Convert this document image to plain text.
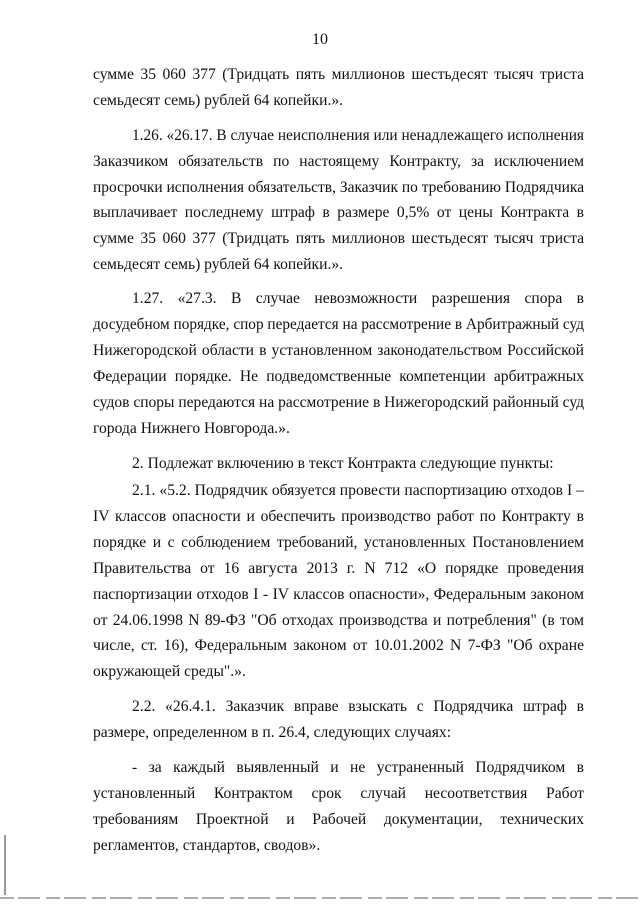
10
сумме 35 060 377 (Тридцать пять миллионов шестьдесят тысяч триста
семьдесят семь) рублей 64 копейки.».
1.26. «26.17. В случае неисполнения или ненадлежащего исполнения
Заказчиком обязательств по настоящему Контракту, за исключением
просрочки исполнения обязательств, Заказчик по требованию Подрядчика
выплачивает последнему штраф в размере 0,5% от цены Контракта в
сумме 35 060 377 (Тридцать пять миллионов шестьдесят тысяч триста
семьдесят семь) рублей 64 копейки.».
1.27. «27.3. В случае невозможности разрешения спора в
досудебном порядке, спор передается на рассмотрение в Арбитражный суд
Нижегородской области в установленном законодательством Российской
Федерации порядке. Не подведомственные компетенции арбитражных
судов споры передаются на рассмотрение в Нижегородский районный суд
города Нижнего Новгорода.».
2. Подлежат включению в текст Контракта следующие пункты:
2.1. «5.2. Подрядчик обязуется провести паспортизацию отходов I –
IV классов опасности и обеспечить производство работ по Контракту в
порядке и с соблюдением требований, установленных Постановлением
Правительства от 16 августа 2013 г. N 712 «О порядке проведения
паспортизации отходов I - IV классов опасности», Федеральным законом
от 24.06.1998 N 89-ФЗ "Об отходах производства и потребления" (в том
числе, ст. 16), Федеральным законом от 10.01.2002 N 7-ФЗ "Об охране
окружающей среды".».
2.2. «26.4.1. Заказчик вправе взыскать с Подрядчика штраф в
размере, определенном в п. 26.4, следующих случаях:
- за каждый выявленный и не устраненный Подрядчиком в
установленный Контрактом срок случай несоответствия Работ
требованиям Проектной и Рабочей документации, технических
регламентов, стандартов, сводов».
